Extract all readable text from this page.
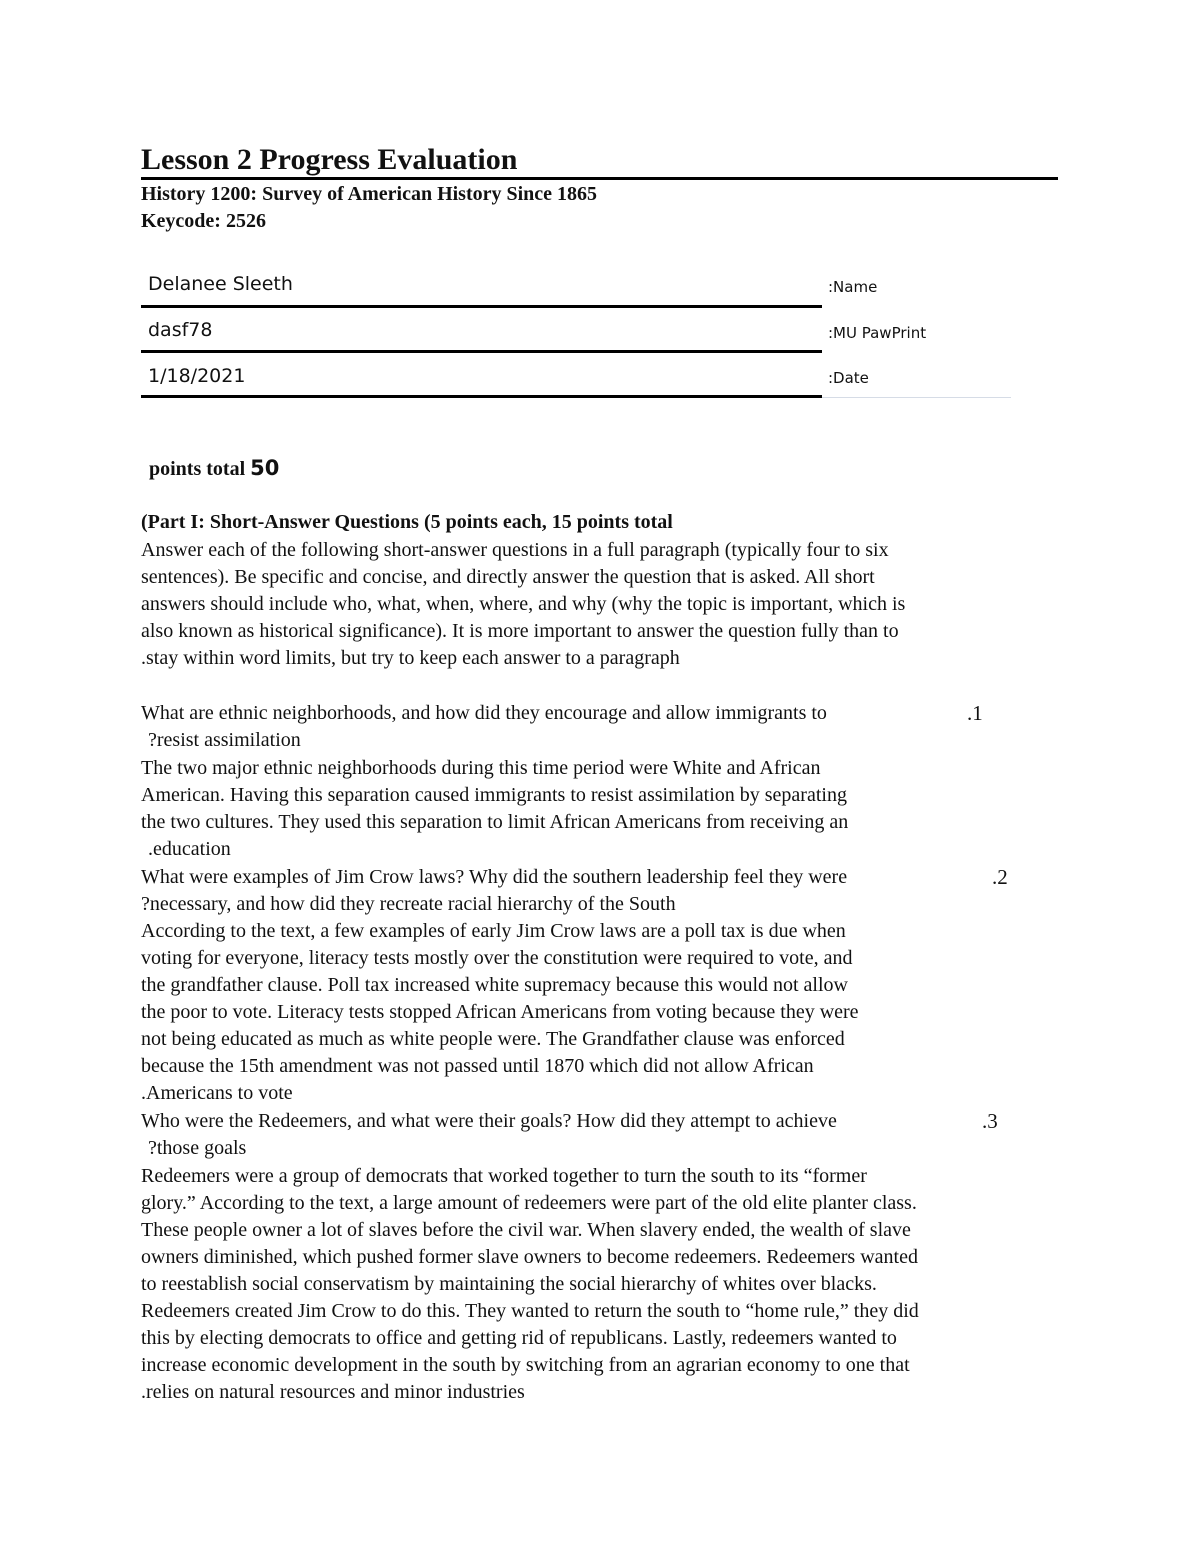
Lesson 2 Progress Evaluation
History 1200: Survey of American History Since 1865
Keycode: 2526
Delanee Sleeth	:Name
dasf78	:MU PawPrint
1/18/2021	:Date
points total 50
(Part I: Short-Answer Questions (5 points each, 15 points total
Answer each of the following short-answer questions in a full paragraph (typically four to six
sentences). Be specific and concise, and directly answer the question that is asked. All short
answers should include who, what, when, where, and why (why the topic is important, which is
also known as historical significance). It is more important to answer the question fully than to
.stay within word limits, but try to keep each answer to a paragraph
What are ethnic neighborhoods, and how did they encourage and allow immigrants to	.1
?resist assimilation
The two major ethnic neighborhoods during this time period were White and African
American. Having this separation caused immigrants to resist assimilation by separating
the two cultures. They used this separation to limit African Americans from receiving an
.education
What were examples of Jim Crow laws? Why did the southern leadership feel they were	.2
?necessary, and how did they recreate racial hierarchy of the South
According to the text, a few examples of early Jim Crow laws are a poll tax is due when
voting for everyone, literacy tests mostly over the constitution were required to vote, and
the grandfather clause. Poll tax increased white supremacy because this would not allow
the poor to vote. Literacy tests stopped African Americans from voting because they were
not being educated as much as white people were. The Grandfather clause was enforced
because the 15th amendment was not passed until 1870 which did not allow African
.Americans to vote
Who were the Redeemers, and what were their goals? How did they attempt to achieve	.3
?those goals
Redeemers were a group of democrats that worked together to turn the south to its “former
glory.” According to the text, a large amount of redeemers were part of the old elite planter class.
These people owner a lot of slaves before the civil war. When slavery ended, the wealth of slave
owners diminished, which pushed former slave owners to become redeemers. Redeemers wanted
to reestablish social conservatism by maintaining the social hierarchy of whites over blacks.
Redeemers created Jim Crow to do this. They wanted to return the south to “home rule,” they did
this by electing democrats to office and getting rid of republicans. Lastly, redeemers wanted to
increase economic development in the south by switching from an agrarian economy to one that
.relies on natural resources and minor industries
